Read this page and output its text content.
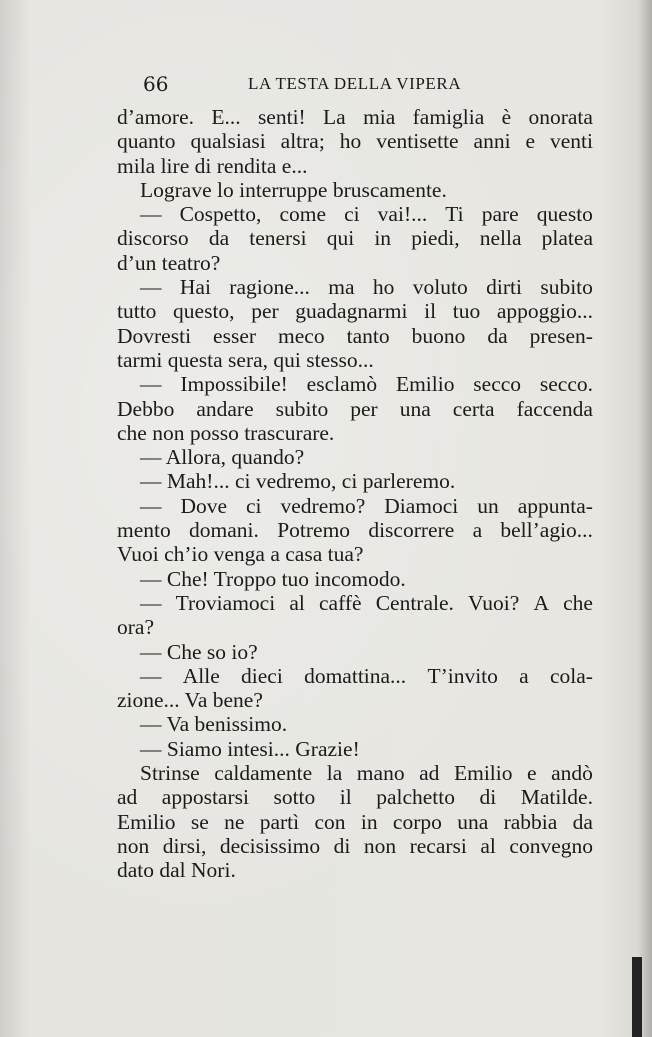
66	LA TESTA DELLA VIPERA
d’amore. E... senti! La mia famiglia è onorata
quanto qualsiasi altra; ho ventisette anni e venti
mila lire di rendita e...
Lograve lo interruppe bruscamente.
— Cospetto, come ci vai!... Ti pare questo
discorso da tenersi qui in piedi, nella platea
d’un teatro?
— Hai ragione... ma ho voluto dirti subito
tutto questo, per guadagnarmi il tuo appoggio...
Dovresti esser meco tanto buono da presen-
tarmi questa sera, qui stesso...
— Impossibile! esclamò Emilio secco secco.
Debbo andare subito per una certa faccenda
che non posso trascurare.
— Allora, quando?
— Mah!... ci vedremo, ci parleremo.
— Dove ci vedremo? Diamoci un appunta-
mento domani. Potremo discorrere a bell’agio...
Vuoi ch’io venga a casa tua?
— Che! Troppo tuo incomodo.
— Troviamoci al caffè Centrale. Vuoi? A che
ora?
— Che so io?
— Alle dieci domattina... T’invito a cola-
zione... Va bene?
— Va benissimo.
— Siamo intesi... Grazie!
Strinse caldamente la mano ad Emilio e andò
ad appostarsi sotto il palchetto di Matilde.
Emilio se ne partì con in corpo una rabbia da
non dirsi, decisissimo di non recarsi al convegno
dato dal Nori.
